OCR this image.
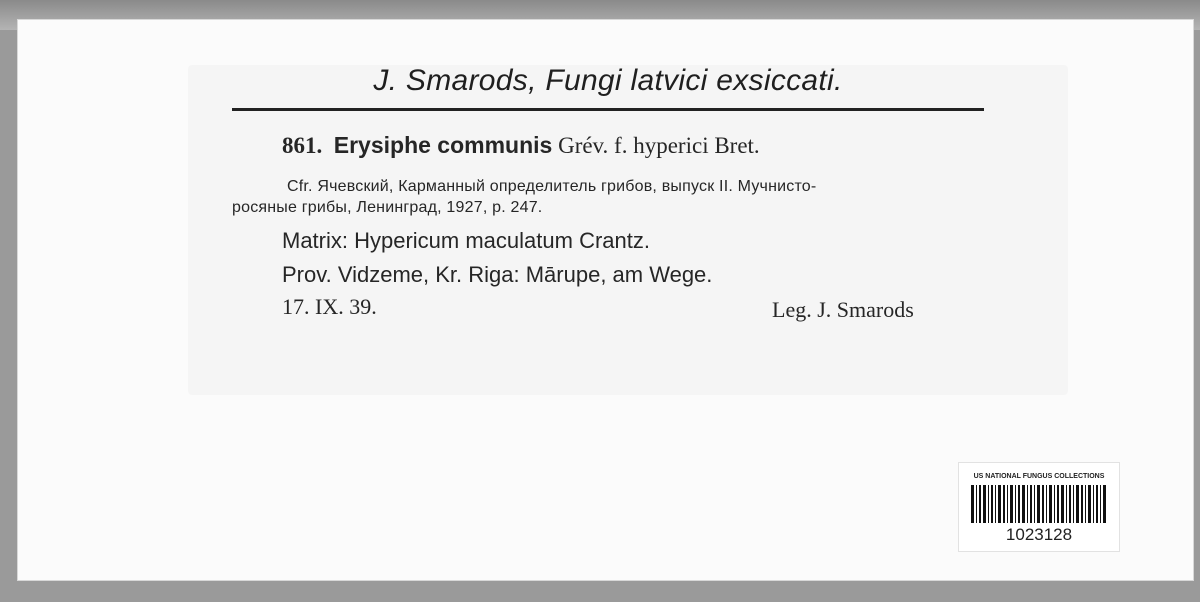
J. Smarods, Fungi latvici exsiccati.
861. Erysiphe communis Grév. f. hyperici Bret.
Cfr. Ячевский, Карманный определитель грибов, выпуск II. Мучнисто-
росяные грибы, Ленинград, 1927, p. 247.
Matrix: Hypericum maculatum Crantz.
Prov. Vidzeme, Kr. Riga: Mārupe, am Wege.
17. IX. 39.	Leg. J. Smarods
US NATIONAL FUNGUS COLLECTIONS
1023128
